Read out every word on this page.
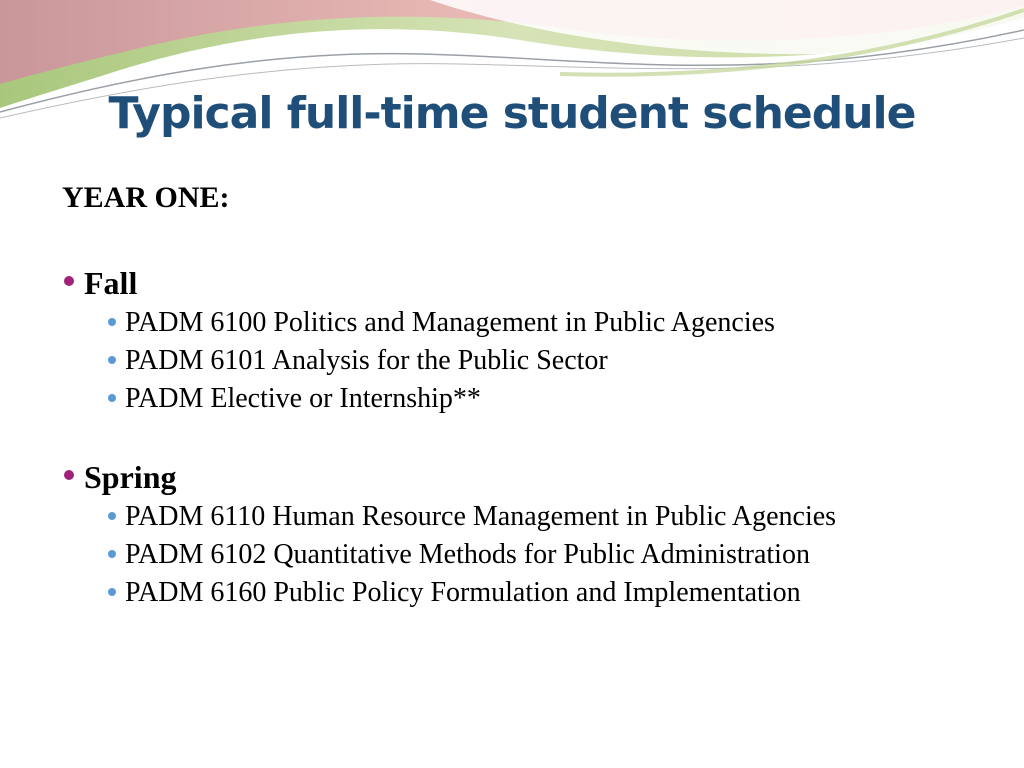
Typical full-time student schedule
YEAR ONE:
Fall
PADM 6100 Politics and Management in Public Agencies
PADM 6101 Analysis for the Public Sector
PADM Elective or Internship**
Spring
PADM 6110 Human Resource Management in Public Agencies
PADM 6102 Quantitative Methods for Public Administration
PADM 6160 Public Policy Formulation and Implementation
